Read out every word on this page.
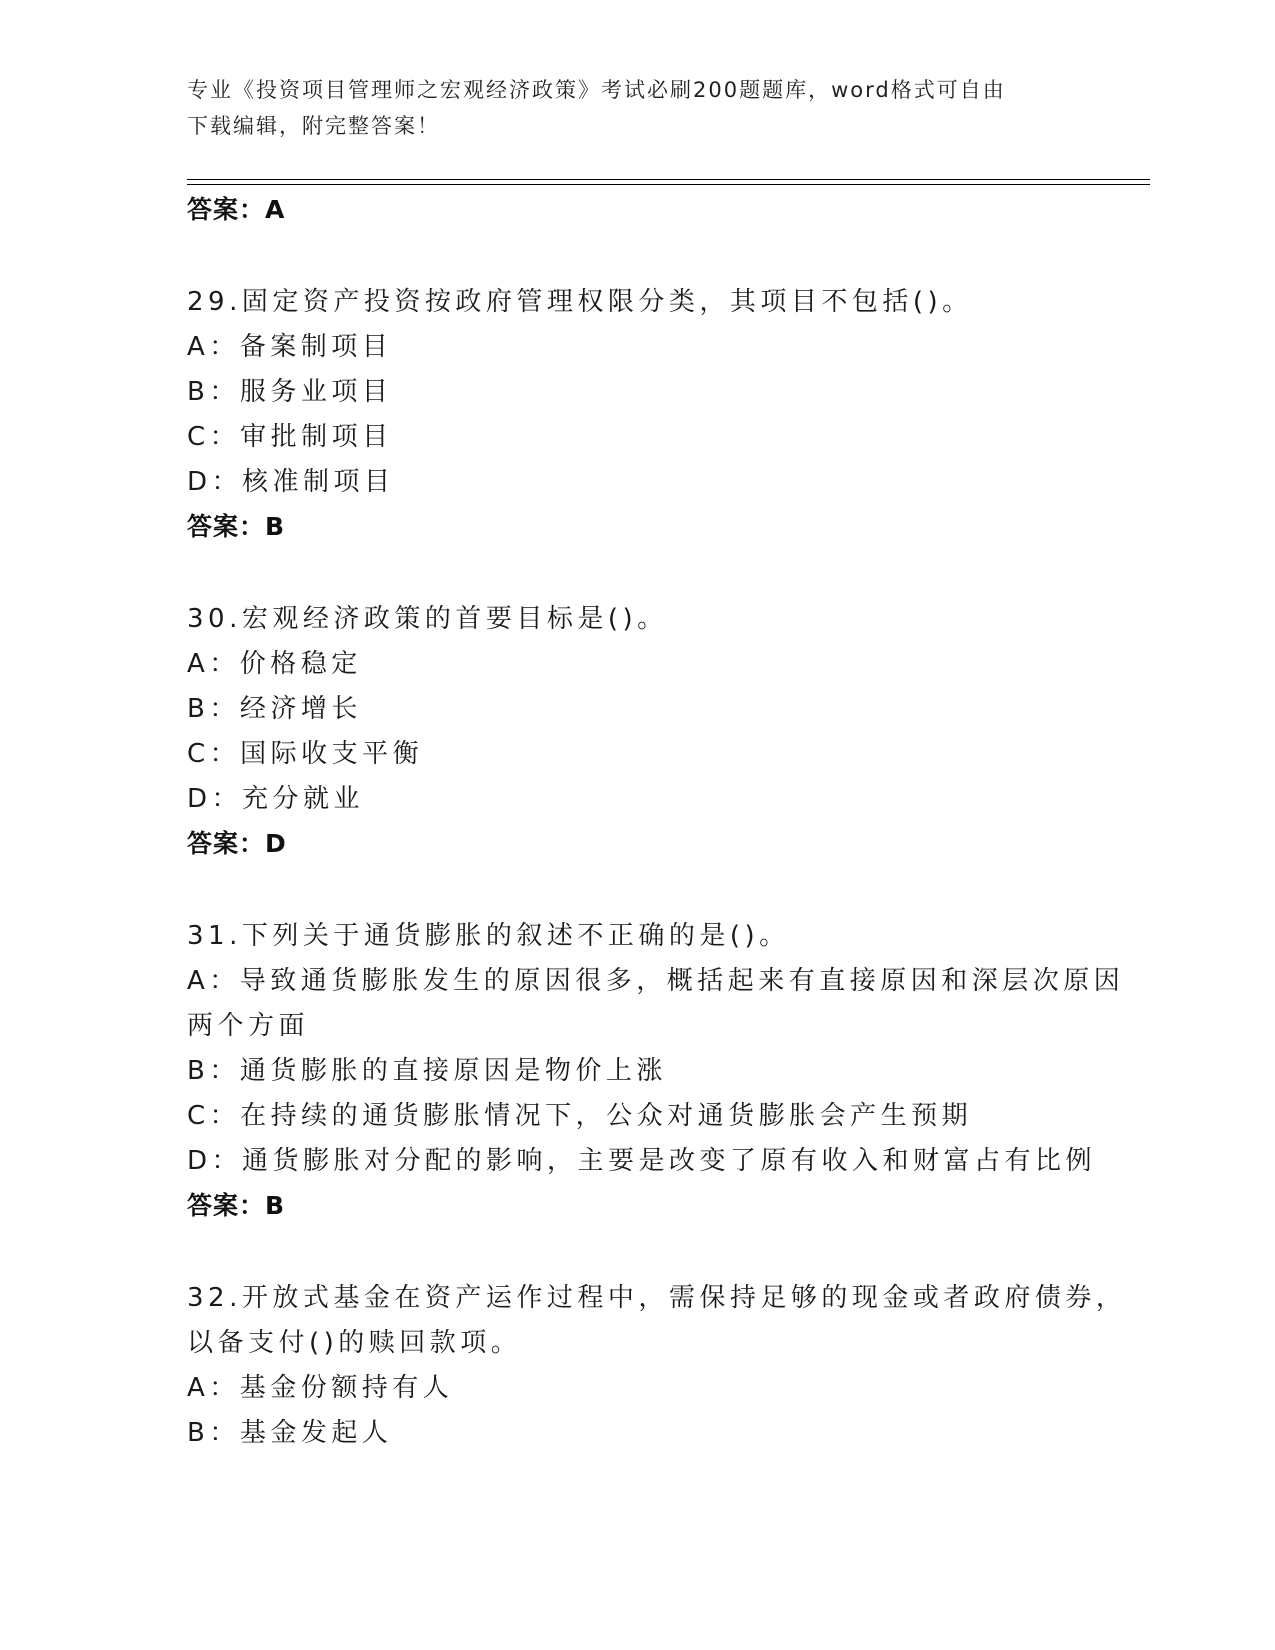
专业《投资项目管理师之宏观经济政策》考试必刷200题题库，word格式可自由
下载编辑，附完整答案！
答案：A
29.固定资产投资按政府管理权限分类，其项目不包括()。
A：备案制项目
B：服务业项目
C：审批制项目
D：核准制项目
答案：B
30.宏观经济政策的首要目标是()。
A：价格稳定
B：经济增长
C：国际收支平衡
D：充分就业
答案：D
31.下列关于通货膨胀的叙述不正确的是()。
A：导致通货膨胀发生的原因很多，概括起来有直接原因和深层次原因
两个方面
B：通货膨胀的直接原因是物价上涨
C：在持续的通货膨胀情况下，公众对通货膨胀会产生预期
D：通货膨胀对分配的影响，主要是改变了原有收入和财富占有比例
答案：B
32.开放式基金在资产运作过程中，需保持足够的现金或者政府债券，
以备支付()的赎回款项。
A：基金份额持有人
B：基金发起人
